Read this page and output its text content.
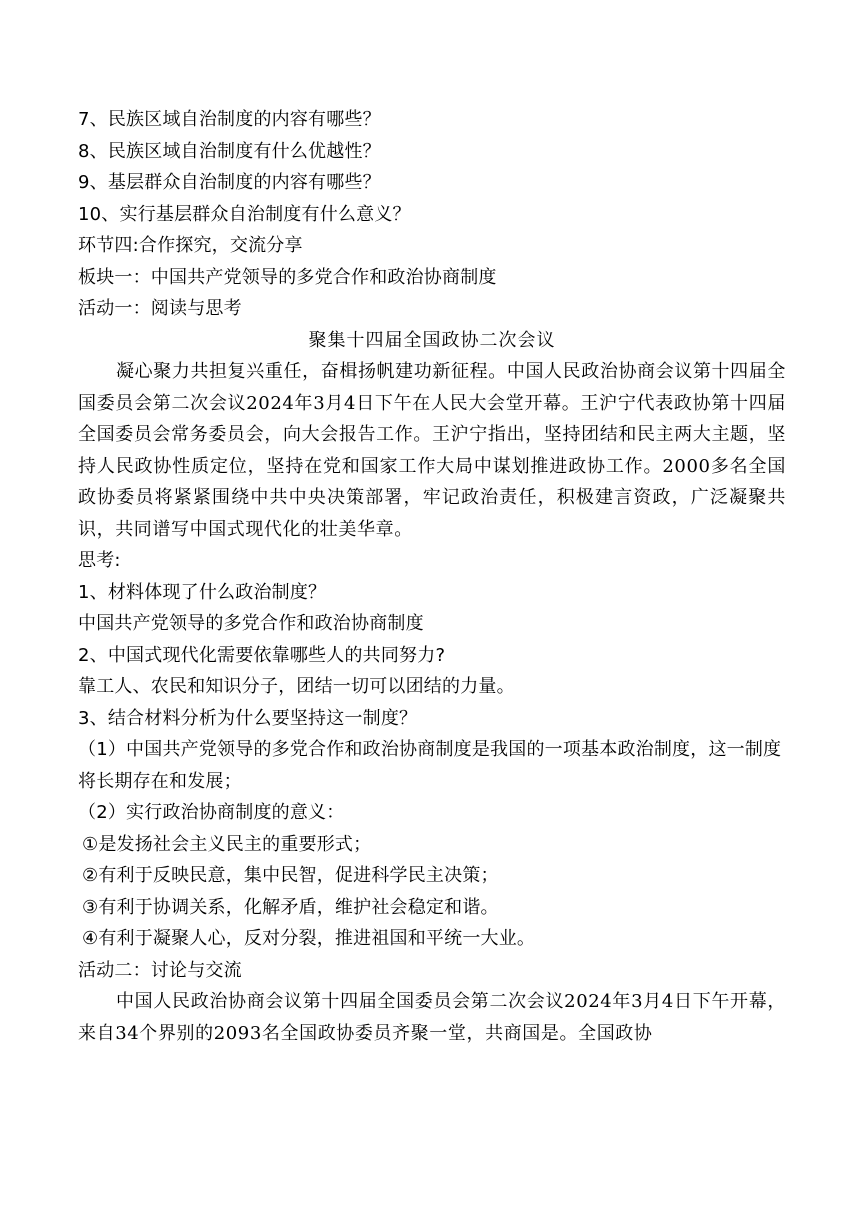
7、民族区域自治制度的内容有哪些？
8、民族区域自治制度有什么优越性？
9、基层群众自治制度的内容有哪些？
10、实行基层群众自治制度有什么意义？
环节四:合作探究，交流分享
板块一：中国共产党领导的多党合作和政治协商制度
活动一：阅读与思考
聚集十四届全国政协二次会议

凝心聚力共担复兴重任，奋楫扬帆建功新征程。中国人民政治协商会议第十四届全国委员会第二次会议2024年3月4日下午在人民大会堂开幕。王沪宁代表政协第十四届全国委员会常务委员会，向大会报告工作。王沪宁指出，坚持团结和民主两大主题，坚持人民政协性质定位，坚持在党和国家工作大局中谋划推进政协工作。2000多名全国政协委员将紧紧围绕中共中央决策部署，牢记政治责任，积极建言资政，广泛凝聚共识，共同谱写中国式现代化的壮美华章。

思考:
1、材料体现了什么政治制度？
中国共产党领导的多党合作和政治协商制度
2、中国式现代化需要依靠哪些人的共同努力?
靠工人、农民和知识分子，团结一切可以团结的力量。
3、结合材料分析为什么要坚持这一制度？

（1）中国共产党领导的多党合作和政治协商制度是我国的一项基本政治制度，这一制度将长期存在和发展；

（2）实行政治协商制度的意义：
①是发扬社会主义民主的重要形式；
②有利于反映民意，集中民智，促进科学民主决策；
③有利于协调关系，化解矛盾，维护社会稳定和谐。
④有利于凝聚人心，反对分裂，推进祖国和平统一大业。
活动二：讨论与交流

中国人民政治协商会议第十四届全国委员会第二次会议2024年3月4日下午开幕，来自34个界别的2093名全国政协委员齐聚一堂，共商国是。全国政协
